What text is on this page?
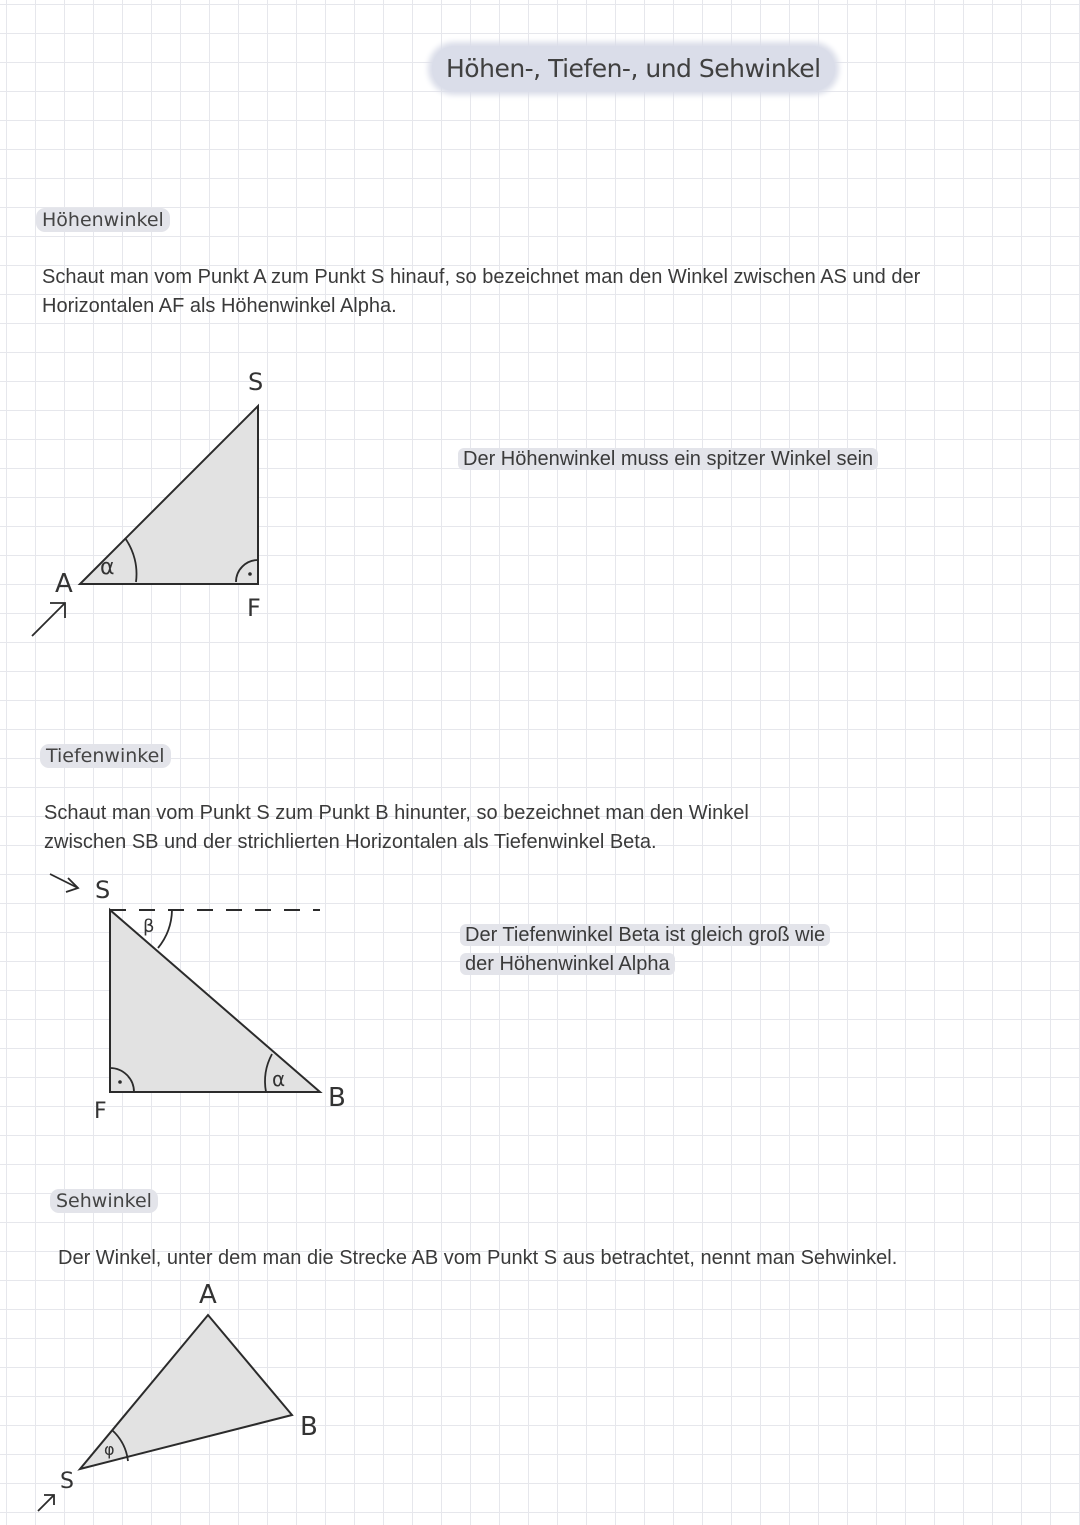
Höhen-, Tiefen-, und Sehwinkel
Höhenwinkel
Schaut man vom Punkt A zum Punkt S hinauf, so bezeichnet man den Winkel zwischen AS und der
Horizontalen AF als Höhenwinkel Alpha.
α
A
S
F
Der Höhenwinkel muss ein spitzer Winkel sein
Tiefenwinkel
Schaut man vom Punkt S zum Punkt B hinunter, so bezeichnet man den Winkel
zwischen SB und der strichlierten Horizontalen als Tiefenwinkel Beta.
β
α
S
F	B
Der Tiefenwinkel Beta ist gleich groß wie
der Höhenwinkel Alpha
Sehwinkel
Der Winkel, unter dem man die Strecke AB vom Punkt S aus betrachtet, nennt man Sehwinkel.
φ
A
B
S
